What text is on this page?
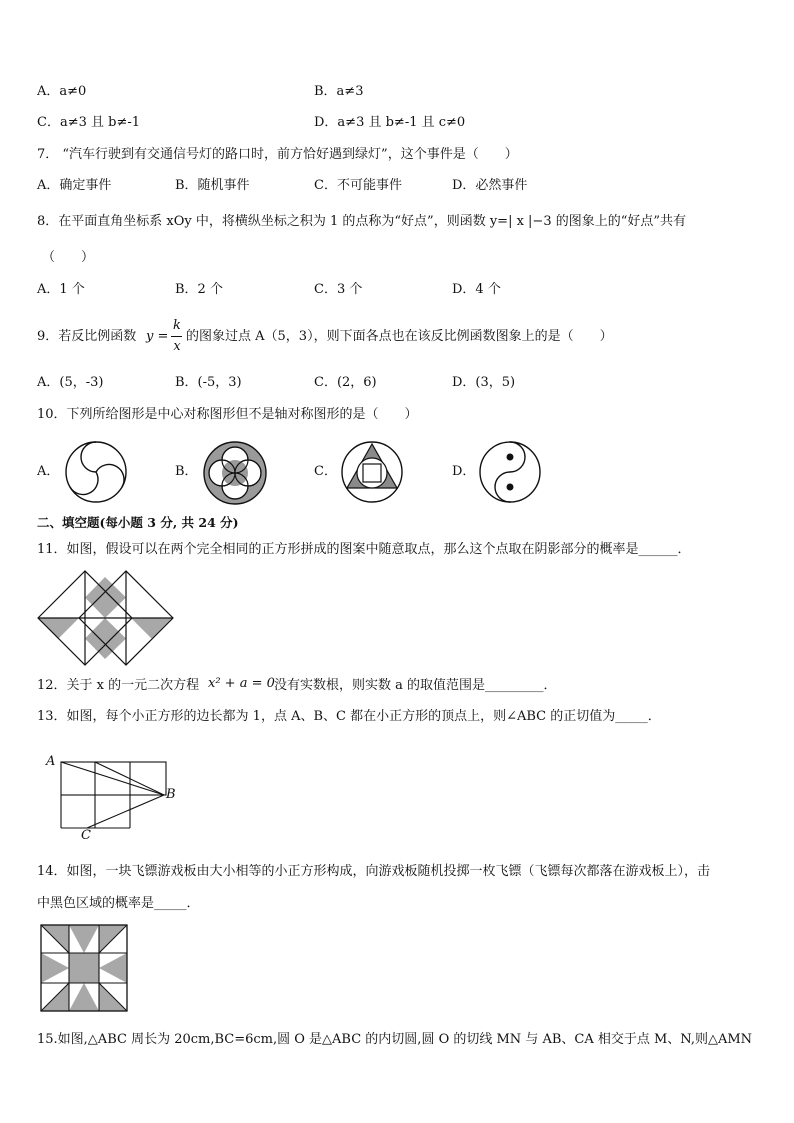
A．a≠0	B．a≠3
C．a≠3 且 b≠-1	D．a≠3 且 b≠-1 且 c≠0
7． “汽车行驶到有交通信号灯的路口时，前方恰好遇到绿灯”，这个事件是（　　）
A．确定事件	B．随机事件	C．不可能事件	D．必然事件
8．在平面直角坐标系 xOy 中，将横纵坐标之积为 1 的点称为“好点”，则函数 y=| x |−3 的图象上的“好点”共有
（　　）
A．1 个	B．2 个	C．3 个	D．4 个
9．若反比例函数 y =
k
x
的图象过点 A（5，3），则下面各点也在该反比例函数图象上的是（　　）
A．(5，-3)	B．(-5，3)	C．(2，6)	D．(3，5)
10．下列所给图形是中心对称图形但不是轴对称图形的是（　　）
A．	B．	C．	D．
二、填空题(每小题 3 分, 共 24 分)
11．如图，假设可以在两个完全相同的正方形拼成的图案中随意取点，那么这个点取在阴影部分的概率是______．
12．关于 x 的一元二次方程 x² + a = 0 没有实数根，则实数 a 的取值范围是_________．
13．如图，每个小正方形的边长都为 1，点 A、B、C 都在小正方形的顶点上，则∠ABC 的正切值为_____．
A
B
C
14．如图，一块飞镖游戏板由大小相等的小正方形构成，向游戏板随机投掷一枚飞镖（飞镖每次都落在游戏板上），击
中黑色区域的概率是_____．
15.如图,△ABC 周长为 20cm,BC=6cm,圆 O 是△ABC 的内切圆,圆 O 的切线 MN 与 AB、CA 相交于点 M、N,则△AMN
